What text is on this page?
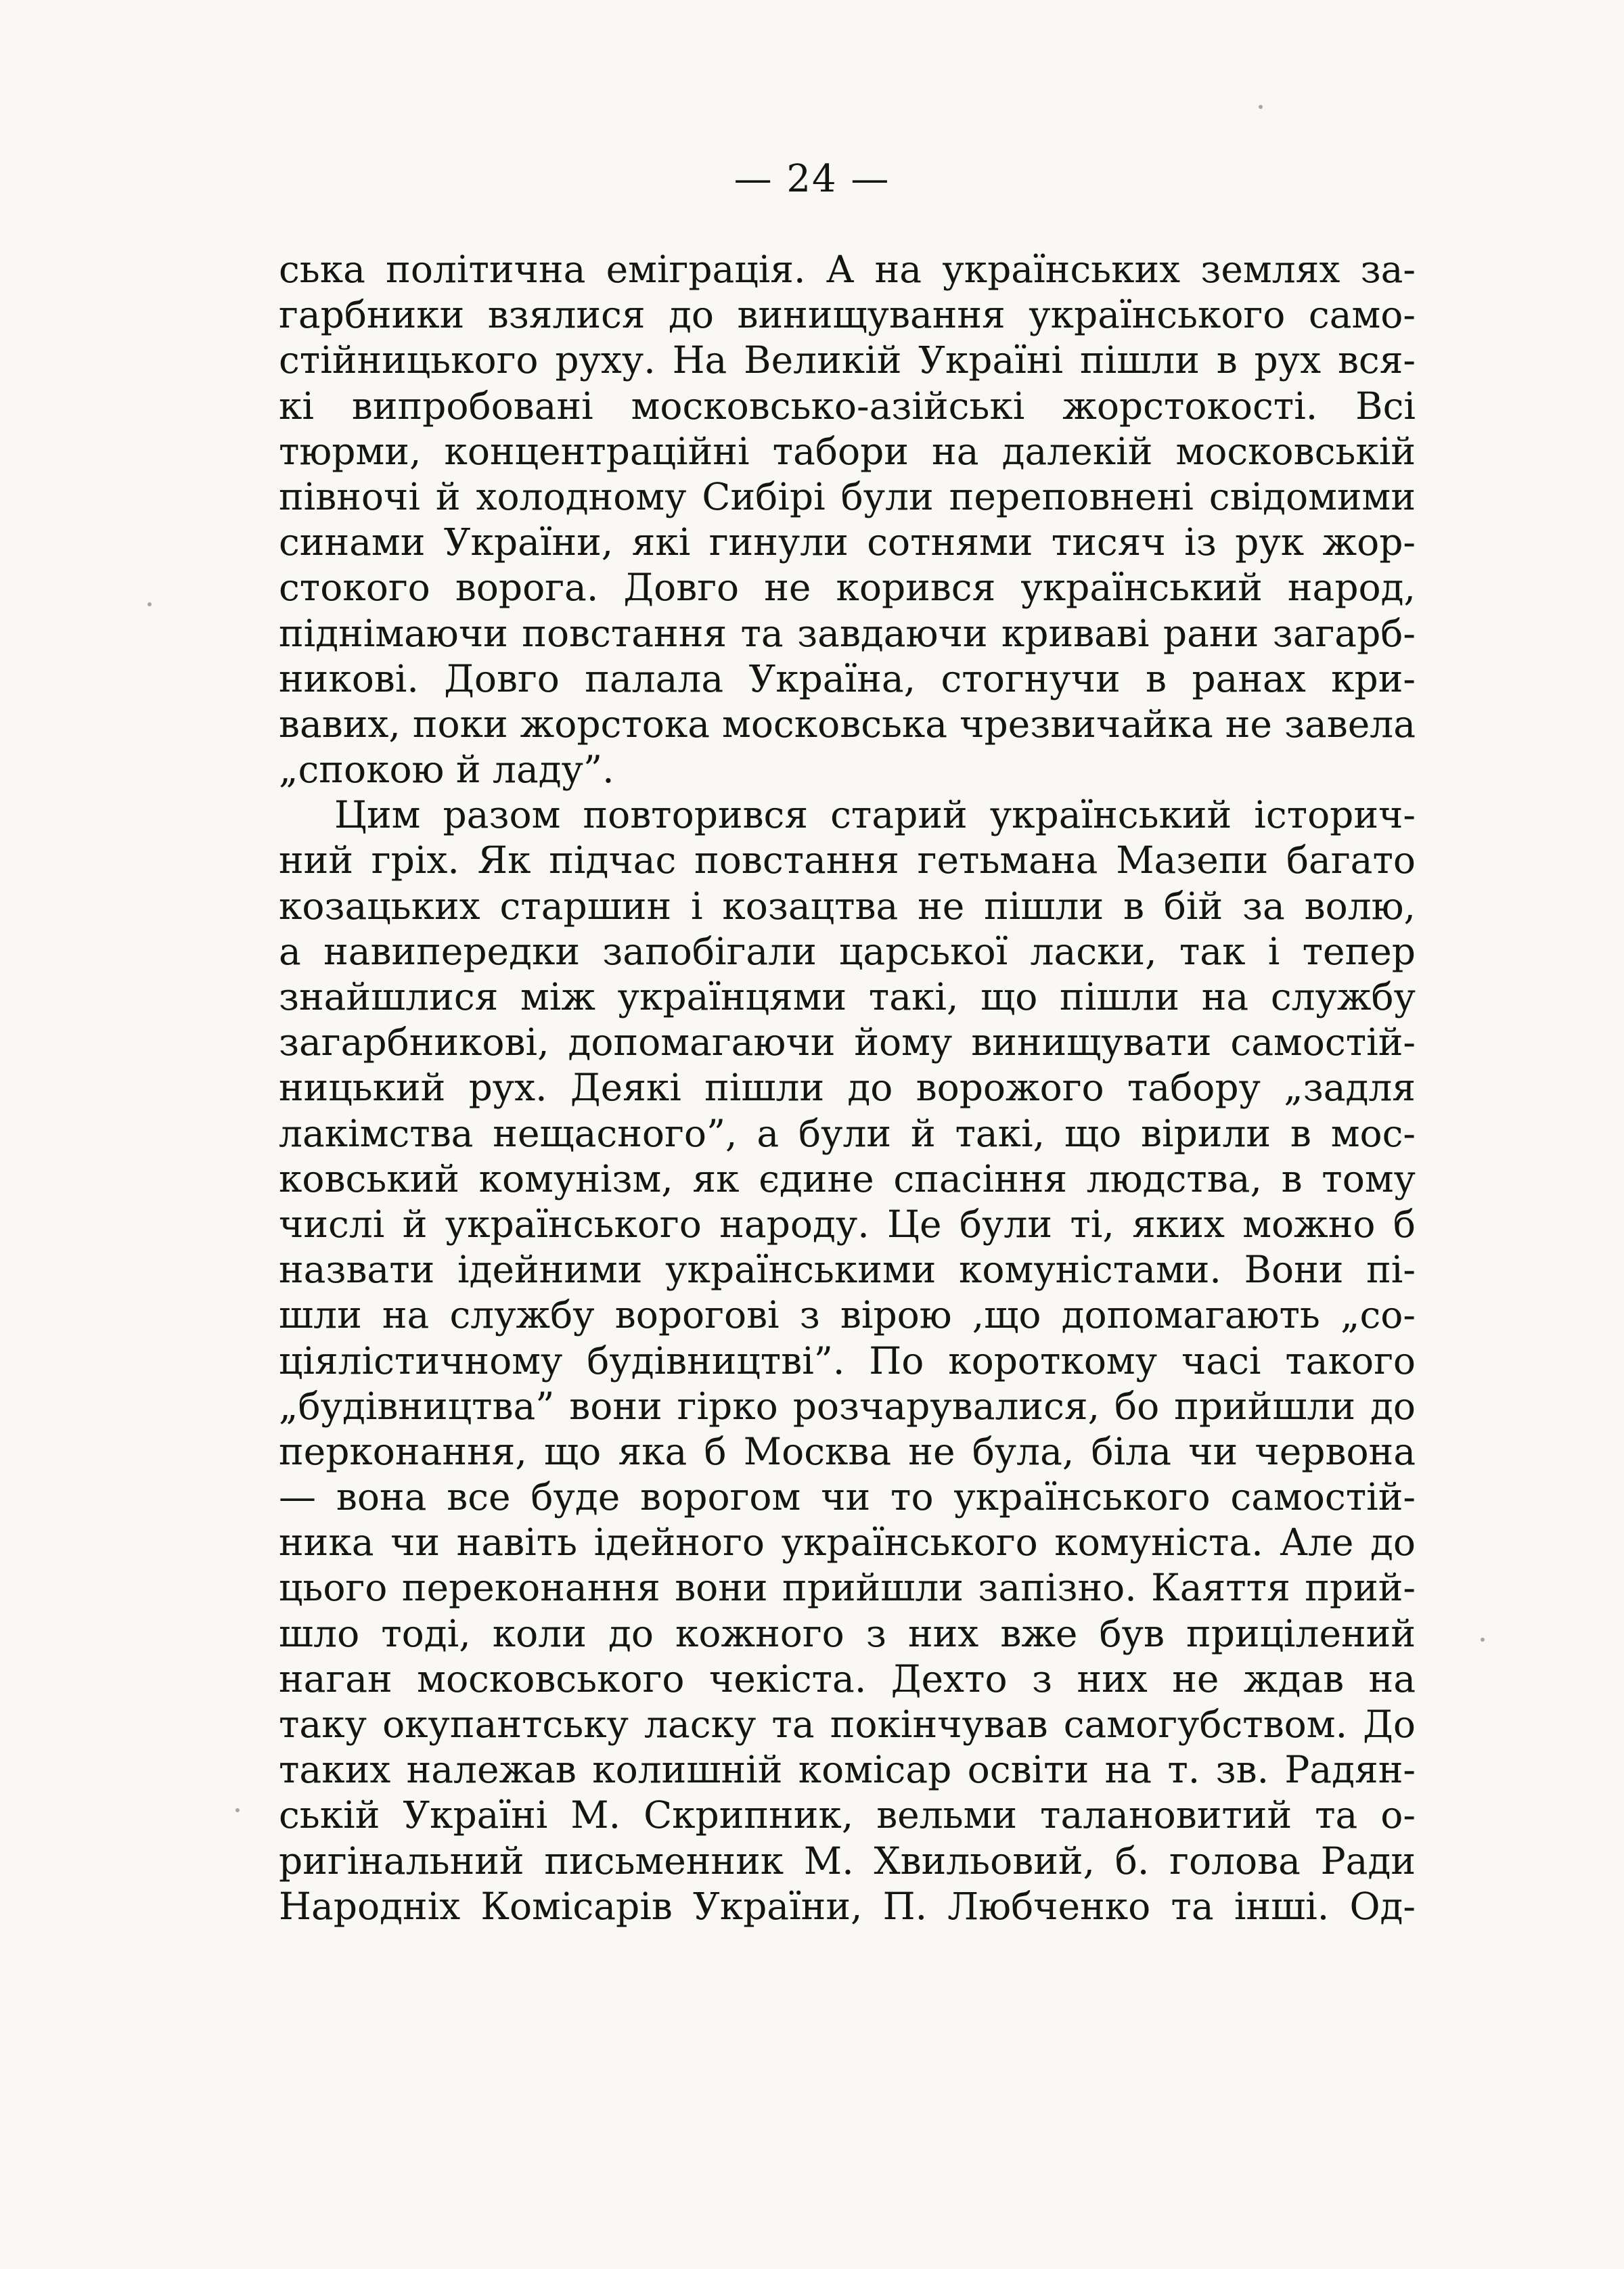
— 24 —
ська політична еміграція. А на українських землях за-
гарбники взялися до винищування українського само-
стійницького руху. На Великій Україні пішли в рух вся-
кі випробовані московсько-азійські жорстокості. Всі
тюрми, концентраційні табори на далекій московській
півночі й холодному Сибірі були переповнені свідомими
синами України, які гинули сотнями тисяч із рук жор-
стокого ворога. Довго не корився український народ,
піднімаючи повстання та завдаючи криваві рани загарб-
никові. Довго палала Україна, стогнучи в ранах кри-
вавих, поки жорстока московська чрезвичайка не завела
„спокою й ладу”.
Цим разом повторився старий український історич-
ний гріх. Як підчас повстання гетьмана Мазепи багато
козацьких старшин і козацтва не пішли в бій за волю,
а навипередки запобігали царської ласки, так і тепер
знайшлися між українцями такі, що пішли на службу
загарбникові, допомагаючи йому винищувати самостій-
ницький рух. Деякі пішли до ворожого табору „задля
лакімства нещасного”, а були й такі, що вірили в мос-
ковський комунізм, як єдине спасіння людства, в тому
числі й українського народу. Це були ті, яких можно б
назвати ідейними українськими комуністами. Вони пі-
шли на службу ворогові з вірою ,що допомагають „со-
ціялістичному будівництві”. По короткому часі такого
„будівництва” вони гірко розчарувалися, бо прийшли до
перконання, що яка б Москва не була, біла чи червона
— вона все буде ворогом чи то українського самостій-
ника чи навіть ідейного українського комуніста. Але до
цього переконання вони прийшли запізно. Каяття прий-
шло тоді, коли до кожного з них вже був прицілений
наган московського чекіста. Дехто з них не ждав на
таку окупантську ласку та покінчував самогубством. До
таких належав колишній комісар освіти на т. зв. Радян-
ській Україні М. Скрипник, вельми талановитий та о-
ригінальний письменник М. Хвильовий, б. голова Ради
Народніх Комісарів України, П. Любченко та інші. Од-
